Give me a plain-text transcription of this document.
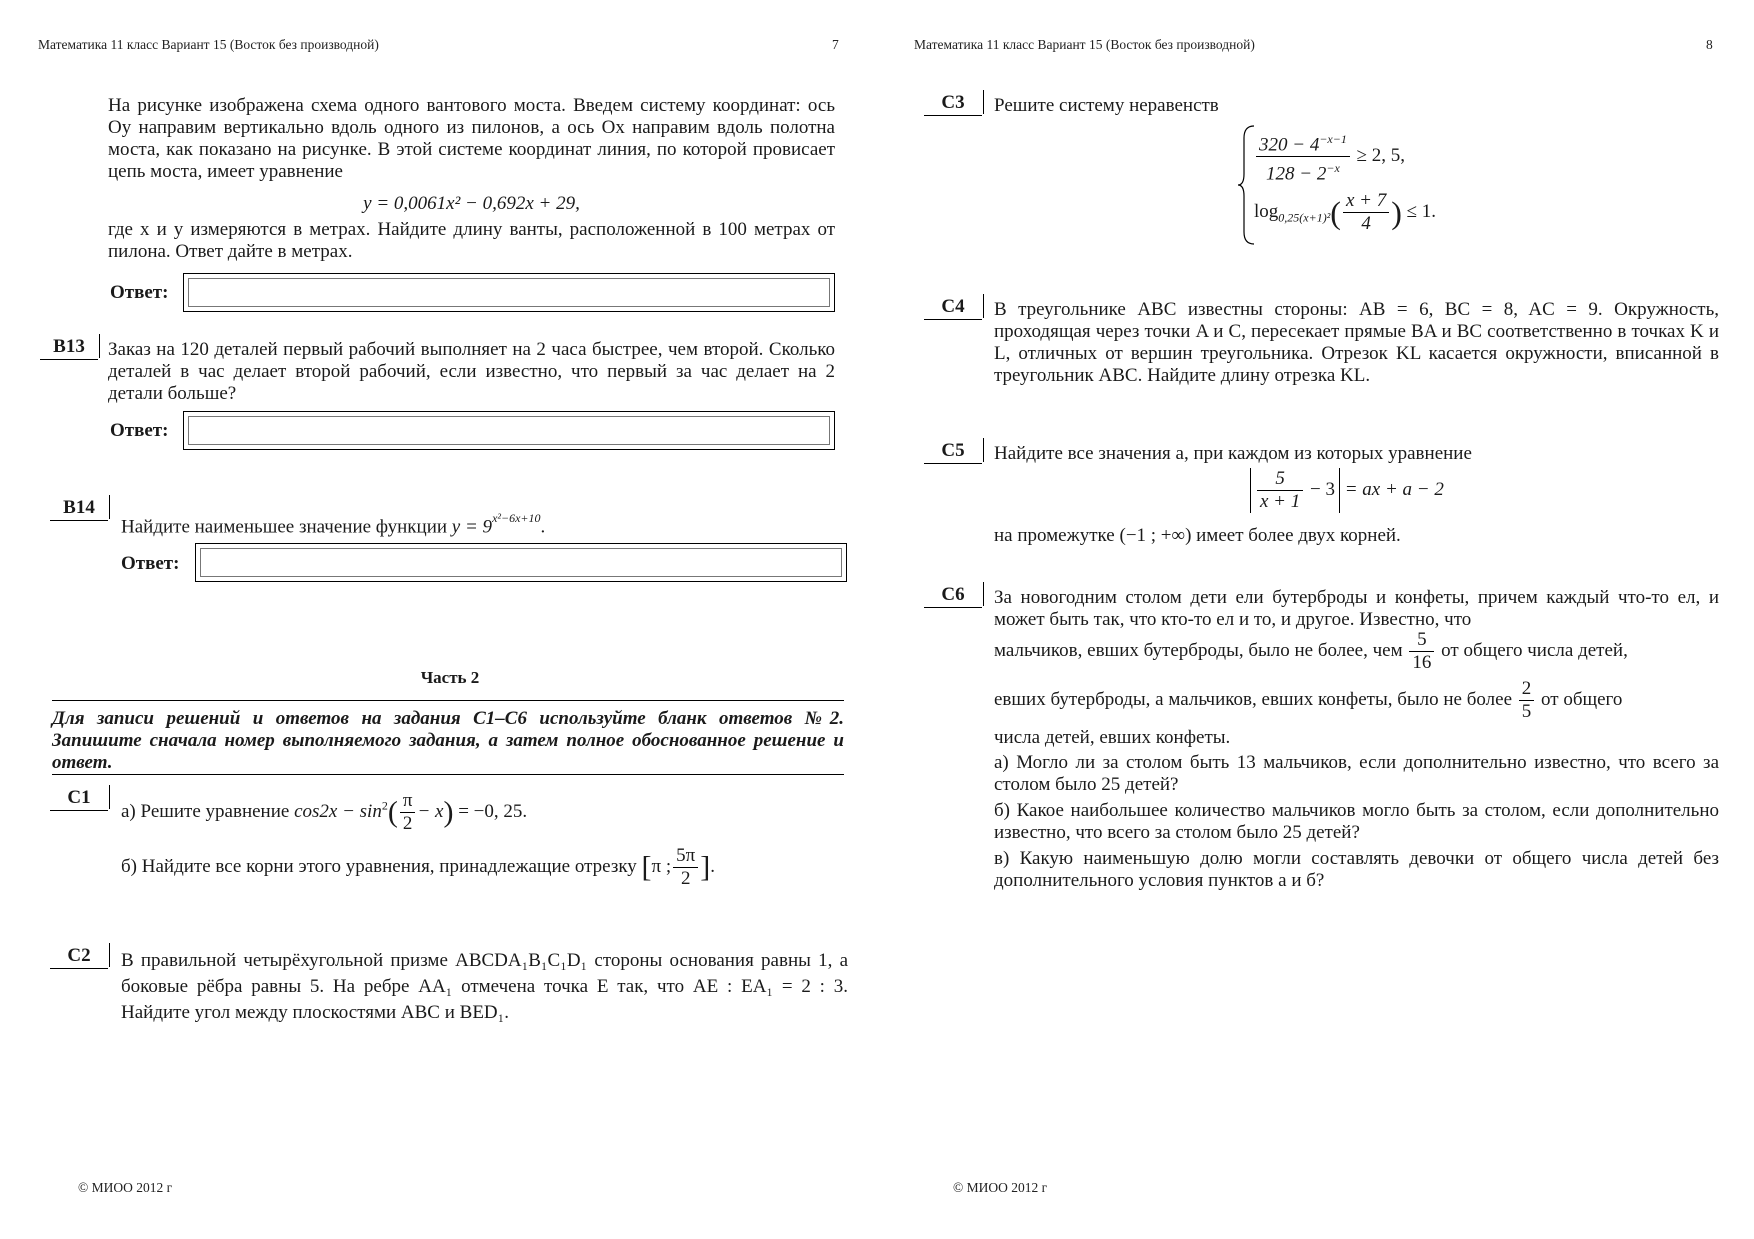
Математика 11 класс Вариант 15 (Восток без производной)	7
На рисунке изображена схема одного вантового моста. Введем систему координат: ось Oy направим вертикально вдоль одного из пилонов, а ось Ox направим вдоль полотна моста, как показано на рисунке. В этой системе координат линия, по которой провисает цепь моста, имеет уравнение
y = 0,0061x² − 0,692x + 29,
где x и y измеряются в метрах. Найдите длину ванты, расположенной в 100 метрах от пилона. Ответ дайте в метрах.
Ответ:
B13	Заказ на 120 деталей первый рабочий выполняет на 2 часа быстрее, чем второй. Сколько деталей в час делает второй рабочий, если известно, что первый за час делает на 2 детали больше?
Ответ:
B14
Найдите наименьшее значение функции $y = 9^{x^2-6x+10}$.
Ответ:
Часть 2
Для записи решений и ответов на задания С1–С6 используйте бланк ответов №2. Запишите сначала номер выполняемого задания, а затем полное обоснованное решение и ответ.
C1
а) Решите уравнение $\cos 2x - \sin^2( \frac{\pi}{2} - x) = -0$, 25.
б) Найдите все корни этого уравнения, принадлежащие отрезку [π ; $\frac{5\pi}{2}$ ].
C2	В правильной четырёхугольной призме ABCDA₁B₁C₁D₁ стороны основания равны 1, а боковые рёбра равны 5. На ребре AA₁ отмечена точка E так, что AE : EA₁ = 2 : 3. Найдите угол между плоскостями ABC и BED₁.
© МИОО 2012 г
Математика 11 класс Вариант 15 (Восток без производной)	8
C3	Решите систему неравенств
$\frac{320 - 4^{-x-1}}{128 - 2^{-x}} \ge 2$, 5,
$\log_{0,25(x+1)^2}( \frac{x + 7}{4}$ ) ≤ 1.
C4	В треугольнике ABC известны стороны: AB = 6, BC = 8, AC = 9. Окружность, проходящая через точки A и C, пересекает прямые BA и BC соответственно в точках K и L, отличных от вершин треугольника. Отрезок KL касается окружности, вписанной в треугольник ABC. Найдите длину отрезка KL.
C5	Найдите все значения a, при каждом из которых уравнение
$\frac{5}{x + 1} - 3$ = ax + a − 2
на промежутке (−1 ; +∞) имеет более двух корней.
C6	За новогодним столом дети ели бутерброды и конфеты, причем каждый что-то ел, и может быть так, что кто-то ел и то, и другое. Известно, что
мальчиков, евших бутерброды, было не более, чем $\frac{5}{16}$ от общего числа детей,
евших бутерброды, а мальчиков, евших конфеты, было не более $\frac{2}{5}$ от общего
числа детей, евших конфеты.
а) Могло ли за столом быть 13 мальчиков, если дополнительно известно, что всего за столом было 25 детей?
б) Какое наибольшее количество мальчиков могло быть за столом, если дополнительно известно, что всего за столом было 25 детей?
в) Какую наименьшую долю могли составлять девочки от общего числа детей без дополнительного условия пунктов а и б?
© МИОО 2012 г
